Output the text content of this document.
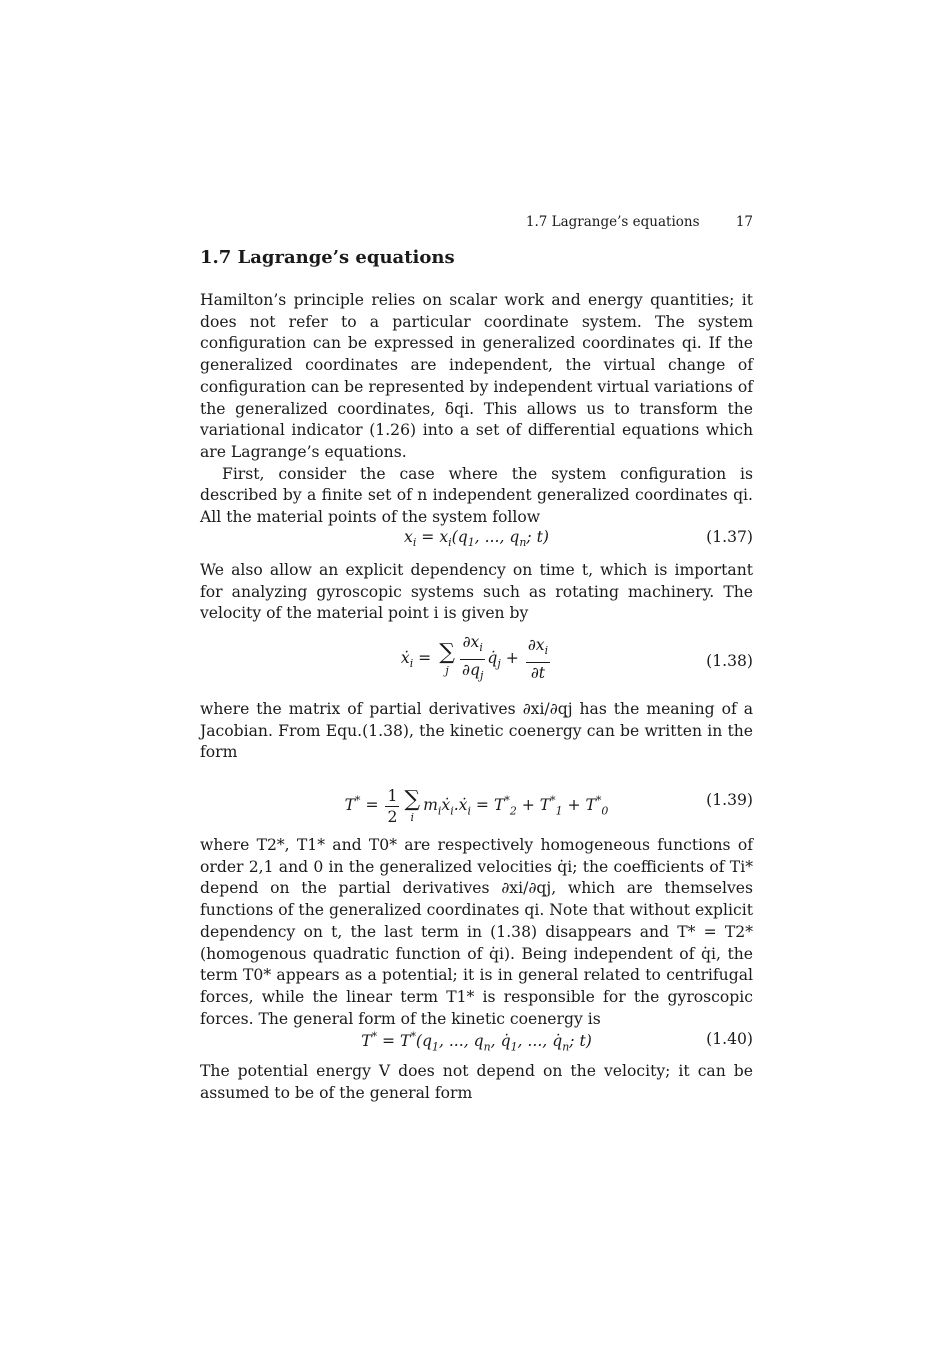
1.7 Lagrange’s equations	17
1.7 Lagrange’s equations

Hamilton’s principle relies on scalar work and energy quantities; it does not refer to a particular coordinate system. The system configuration can be expressed in generalized coordinates qi. If the generalized coordinates are independent, the virtual change of configuration can be represented by independent virtual variations of the generalized coordinates, δqi. This allows us to transform the variational indicator (1.26) into a set of differential equations which are Lagrange’s equations.

First, consider the case where the system configuration is described by a finite set of n independent generalized coordinates qi. All the material points of the system follow

$x_i = x_i(q_1$, ..., $q_n$; t)	(1.37)

We also allow an explicit dependency on time t, which is important for analyzing gyroscopic systems such as rotating machinery. The velocity of the material point i is given by

ẋ$_i$ = ∑
j $\frac{\partial x_i}{\partial q_j}$ $q̇_j + \frac{\partial x_i}{\partial t}$	(1.38)

where the matrix of partial derivatives ∂xi/∂qj has the meaning of a Jacobian. From Equ.(1.38), the kinetic coenergy can be written in the form

$T^* = \frac{1}{2}$ ∑
i
$m_iẋ_i.ẋ_i = T^*_2 + T^*_1 + T^*_0$
(1.39)

where T2*, T1* and T0* are respectively homogeneous functions of order 2,1 and 0 in the generalized velocities q̇i; the coefficients of Ti* depend on the partial derivatives ∂xi/∂qj, which are themselves functions of the generalized coordinates qi. Note that without explicit dependency on t, the last term in (1.38) disappears and T* = T2* (homogenous quadratic function of q̇i). Being independent of q̇i, the term T0* appears as a potential; it is in general related to centrifugal forces, while the linear term T1* is responsible for the gyroscopic forces. The general form of the kinetic coenergy is

$T^* = T^*(q_1$, ..., $q_n$, $q̇_1$, ..., $q̇_n$; t)	(1.40)

The potential energy V does not depend on the velocity; it can be assumed to be of the general form
